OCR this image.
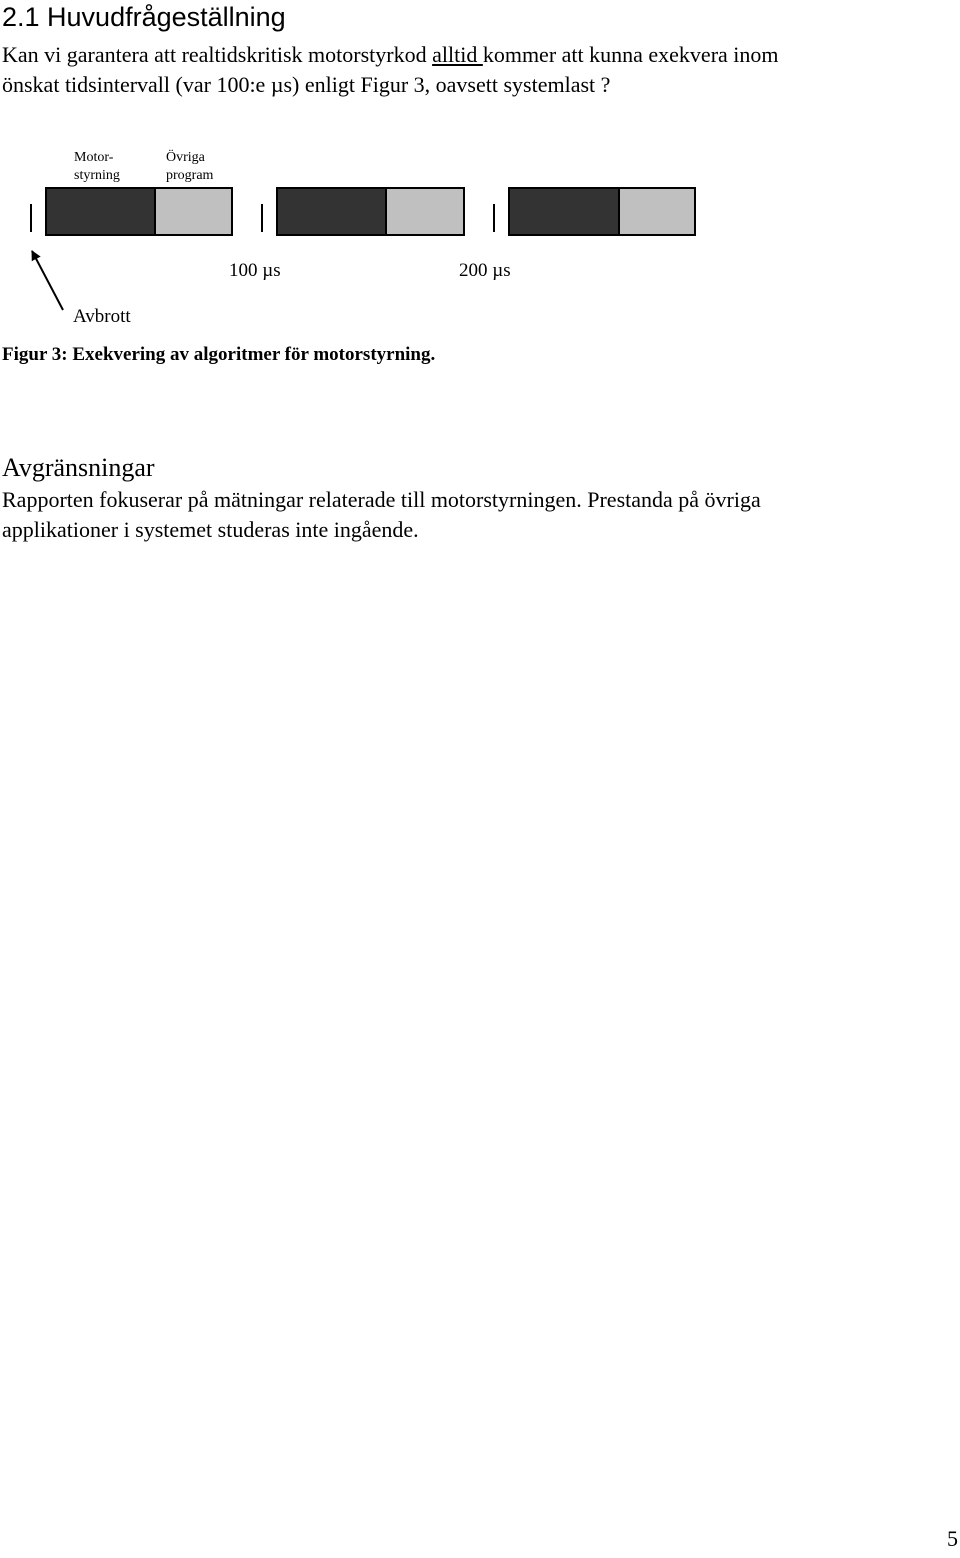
2.1 Huvudfrågeställning

Kan vi garantera att realtidskritisk motorstyrkod alltid kommer att kunna exekvera inom
önskat tidsintervall (var 100:e µs) enligt Figur 3, oavsett systemlast ?

Motor-
styrning
Övriga
program
100 µs	200 µs
Avbrott

Figur 3: Exekvering av algoritmer för motorstyrning.

Avgränsningar

Rapporten fokuserar på mätningar relaterade till motorstyrningen. Prestanda på övriga
applikationer i systemet studeras inte ingående.

5
